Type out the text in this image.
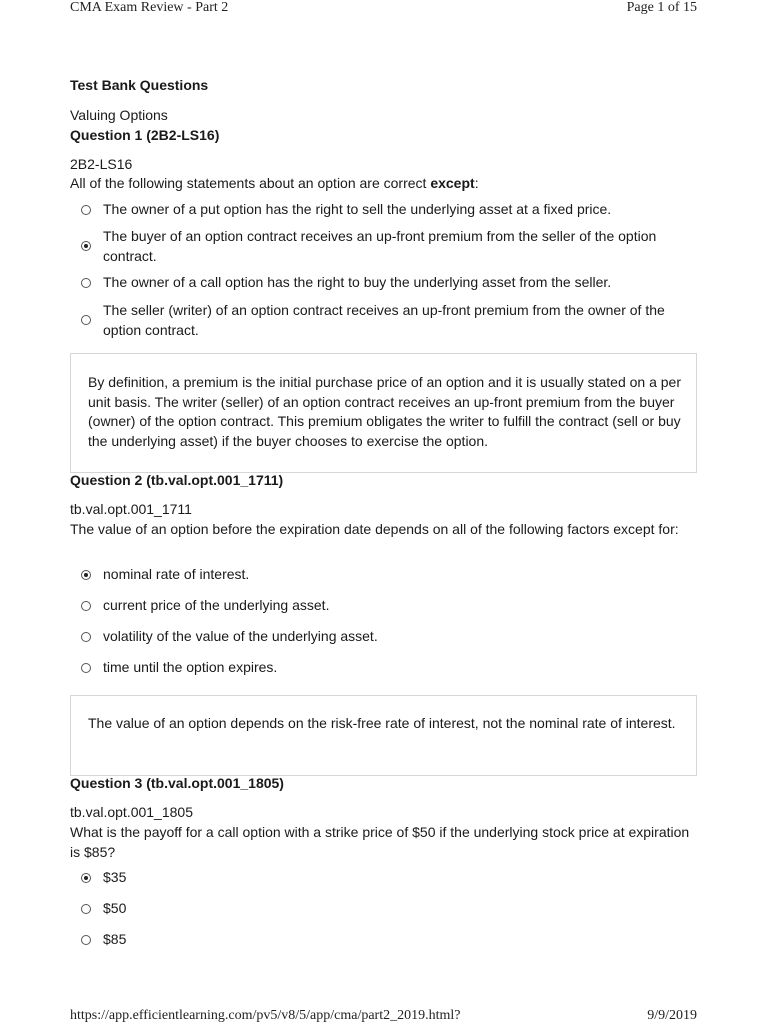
CMA Exam Review - Part 2	Page 1 of 15
Test Bank Questions
Valuing Options
Question 1 (2B2-LS16)
2B2-LS16
All of the following statements about an option are correct except:
The owner of a put option has the right to sell the underlying asset at a fixed price.
The buyer of an option contract receives an up-front premium from the seller of the option contract.
The owner of a call option has the right to buy the underlying asset from the seller.
The seller (writer) of an option contract receives an up-front premium from the owner of the option contract.
By definition, a premium is the initial purchase price of an option and it is usually stated on a per unit basis. The writer (seller) of an option contract receives an up-front premium from the buyer (owner) of the option contract. This premium obligates the writer to fulfill the contract (sell or buy the underlying asset) if the buyer chooses to exercise the option.
Question 2 (tb.val.opt.001_1711)
tb.val.opt.001_1711
The value of an option before the expiration date depends on all of the following factors except for:
nominal rate of interest.
current price of the underlying asset.
volatility of the value of the underlying asset.
time until the option expires.
The value of an option depends on the risk-free rate of interest, not the nominal rate of interest.
Question 3 (tb.val.opt.001_1805)
tb.val.opt.001_1805
What is the payoff for a call option with a strike price of $50 if the underlying stock price at expiration is $85?
$35
$50
$85
https://app.efficientlearning.com/pv5/v8/5/app/cma/part2_2019.html?	9/9/2019
